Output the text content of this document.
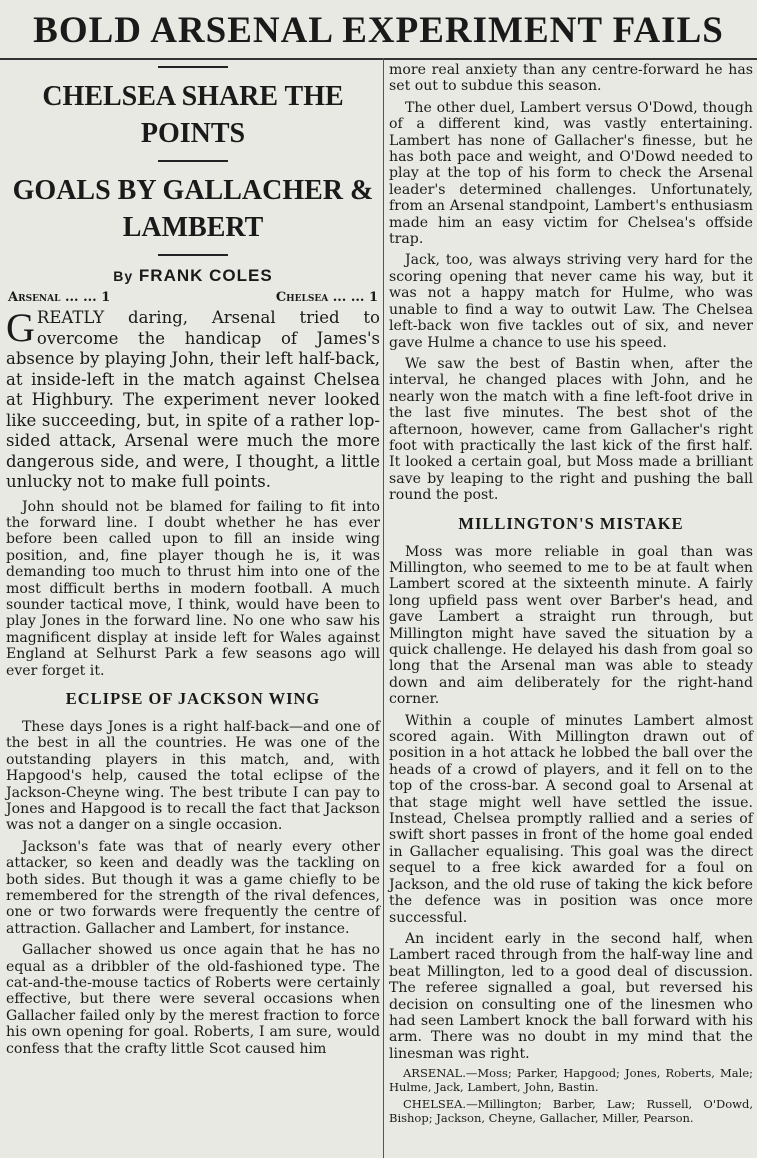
BOLD ARSENAL EXPERIMENT FAILS
CHELSEA SHARE THE POINTS
GOALS BY GALLACHER & LAMBERT
By FRANK COLES
Arsenal ... ... 1	Chelsea ... ... 1

GREATLY daring, Arsenal tried to overcome the handicap of James's absence by playing John, their left half-back, at inside-left in the match against Chelsea at Highbury. The experiment never looked like succeeding, but, in spite of a rather lop-sided attack, Arsenal were much the more dangerous side, and were, I thought, a little unlucky not to make full points.

John should not be blamed for failing to fit into the forward line. I doubt whether he has ever before been called upon to fill an inside wing position, and, fine player though he is, it was demanding too much to thrust him into one of the most difficult berths in modern football. A much sounder tactical move, I think, would have been to play Jones in the forward line. No one who saw his magnificent display at inside left for Wales against England at Selhurst Park a few seasons ago will ever forget it.

ECLIPSE OF JACKSON WING

These days Jones is a right half-back—and one of the best in all the countries. He was one of the outstanding players in this match, and, with Hapgood's help, caused the total eclipse of the Jackson-Cheyne wing. The best tribute I can pay to Jones and Hapgood is to recall the fact that Jackson was not a danger on a single occasion.

Jackson's fate was that of nearly every other attacker, so keen and deadly was the tackling on both sides. But though it was a game chiefly to be remembered for the strength of the rival defences, one or two forwards were frequently the centre of attraction. Gallacher and Lambert, for instance.

Gallacher showed us once again that he has no equal as a dribbler of the old-fashioned type. The cat-and-the-mouse tactics of Roberts were certainly effective, but there were several occasions when Gallacher failed only by the merest fraction to force his own opening for goal. Roberts, I am sure, would confess that the crafty little Scot caused him

more real anxiety than any centre-forward he has set out to subdue this season.

The other duel, Lambert versus O'Dowd, though of a different kind, was vastly entertaining. Lambert has none of Gallacher's finesse, but he has both pace and weight, and O'Dowd needed to play at the top of his form to check the Arsenal leader's determined challenges. Unfortunately, from an Arsenal standpoint, Lambert's enthusiasm made him an easy victim for Chelsea's offside trap.

Jack, too, was always striving very hard for the scoring opening that never came his way, but it was not a happy match for Hulme, who was unable to find a way to outwit Law. The Chelsea left-back won five tackles out of six, and never gave Hulme a chance to use his speed.

We saw the best of Bastin when, after the interval, he changed places with John, and he nearly won the match with a fine left-foot drive in the last five minutes. The best shot of the afternoon, however, came from Gallacher's right foot with practically the last kick of the first half. It looked a certain goal, but Moss made a brilliant save by leaping to the right and pushing the ball round the post.

MILLINGTON'S MISTAKE

Moss was more reliable in goal than was Millington, who seemed to me to be at fault when Lambert scored at the sixteenth minute. A fairly long upfield pass went over Barber's head, and gave Lambert a straight run through, but Millington might have saved the situation by a quick challenge. He delayed his dash from goal so long that the Arsenal man was able to steady down and aim deliberately for the right-hand corner.

Within a couple of minutes Lambert almost scored again. With Millington drawn out of position in a hot attack he lobbed the ball over the heads of a crowd of players, and it fell on to the top of the cross-bar. A second goal to Arsenal at that stage might well have settled the issue. Instead, Chelsea promptly rallied and a series of swift short passes in front of the home goal ended in Gallacher equalising. This goal was the direct sequel to a free kick awarded for a foul on Jackson, and the old ruse of taking the kick before the defence was in position was once more successful.

An incident early in the second half, when Lambert raced through from the half-way line and beat Millington, led to a good deal of discussion. The referee signalled a goal, but reversed his decision on consulting one of the linesmen who had seen Lambert knock the ball forward with his arm. There was no doubt in my mind that the linesman was right.

ARSENAL.—Moss; Parker, Hapgood; Jones, Roberts, Male; Hulme, Jack, Lambert, John, Bastin.

CHELSEA.—Millington; Barber, Law; Russell, O'Dowd, Bishop; Jackson, Cheyne, Gallacher, Miller, Pearson.
